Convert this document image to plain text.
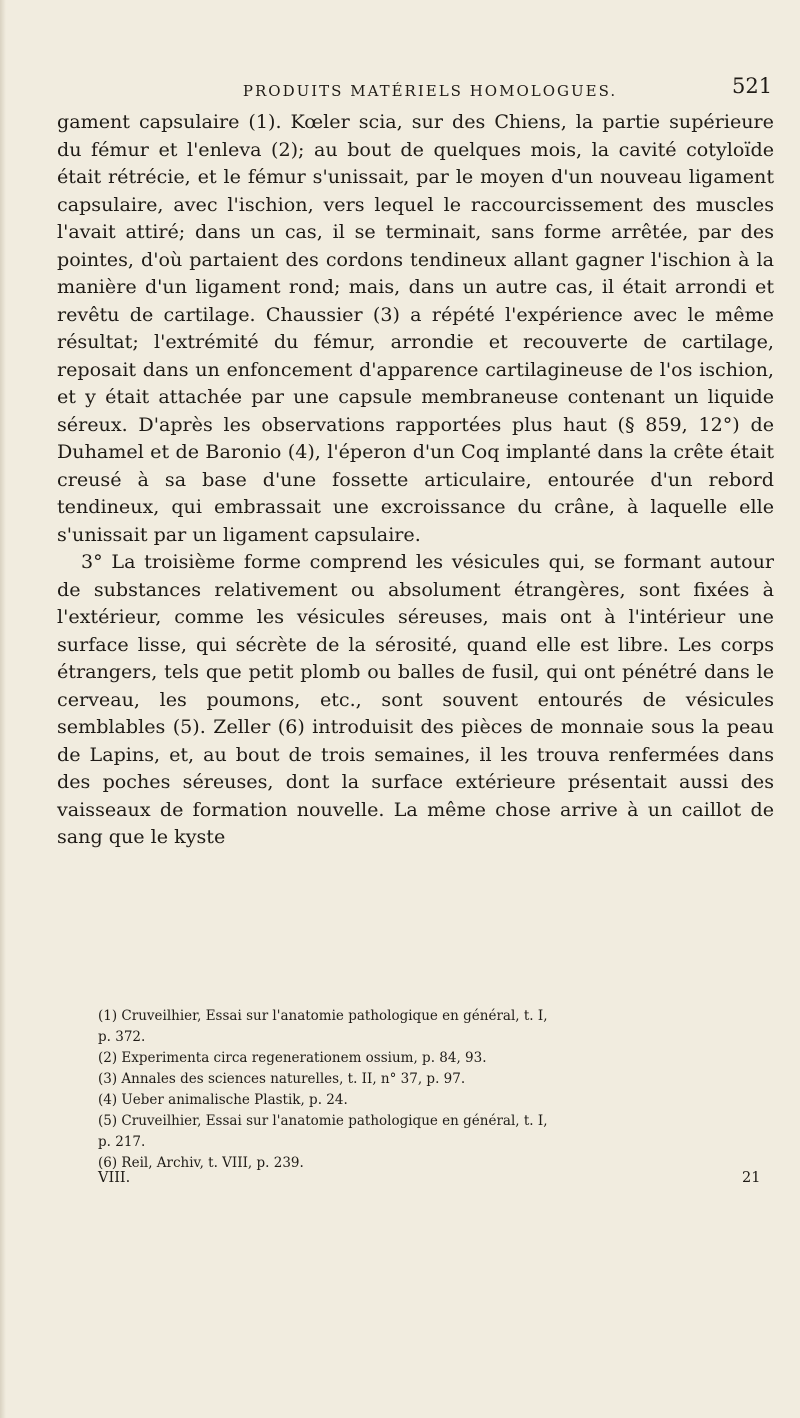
PRODUITS MATÉRIELS HOMOLOGUES.	521

gament capsulaire (1). Kœler scia, sur des Chiens, la partie supérieure du fémur et l'enleva (2); au bout de quelques mois, la cavité cotyloïde était rétrécie, et le fémur s'unissait, par le moyen d'un nouveau ligament capsulaire, avec l'ischion, vers lequel le raccourcissement des muscles l'avait attiré; dans un cas, il se terminait, sans forme arrêtée, par des pointes, d'où partaient des cordons tendineux allant gagner l'ischion à la manière d'un ligament rond; mais, dans un autre cas, il était arrondi et revêtu de cartilage. Chaussier (3) a répété l'expérience avec le même résultat; l'extrémité du fémur, arrondie et recouverte de cartilage, reposait dans un enfoncement d'apparence cartilagineuse de l'os ischion, et y était attachée par une capsule membraneuse contenant un liquide séreux. D'après les observations rapportées plus haut (§ 859, 12°) de Duhamel et de Baronio (4), l'éperon d'un Coq implanté dans la crête était creusé à sa base d'une fossette articulaire, entourée d'un rebord tendineux, qui embrassait une excroissance du crâne, à laquelle elle s'unissait par un ligament capsulaire.

3° La troisième forme comprend les vésicules qui, se formant autour de substances relativement ou absolument étrangères, sont fixées à l'extérieur, comme les vésicules séreuses, mais ont à l'intérieur une surface lisse, qui sécrète de la sérosité, quand elle est libre. Les corps étrangers, tels que petit plomb ou balles de fusil, qui ont pénétré dans le cerveau, les poumons, etc., sont souvent entourés de vésicules semblables (5). Zeller (6) introduisit des pièces de monnaie sous la peau de Lapins, et, au bout de trois semaines, il les trouva renfermées dans des poches séreuses, dont la surface extérieure présentait aussi des vaisseaux de formation nouvelle. La même chose arrive à un caillot de sang que le kyste

(1) Cruveilhier, Essai sur l'anatomie pathologique en général, t. I,
p. 372.
(2) Experimenta circa regenerationem ossium, p. 84, 93.
(3) Annales des sciences naturelles, t. II, n° 37, p. 97.
(4) Ueber animalische Plastik, p. 24.
(5) Cruveilhier, Essai sur l'anatomie pathologique en général, t. I,
p. 217.
(6) Reil, Archiv, t. VIII, p. 239.
VIII.	21
